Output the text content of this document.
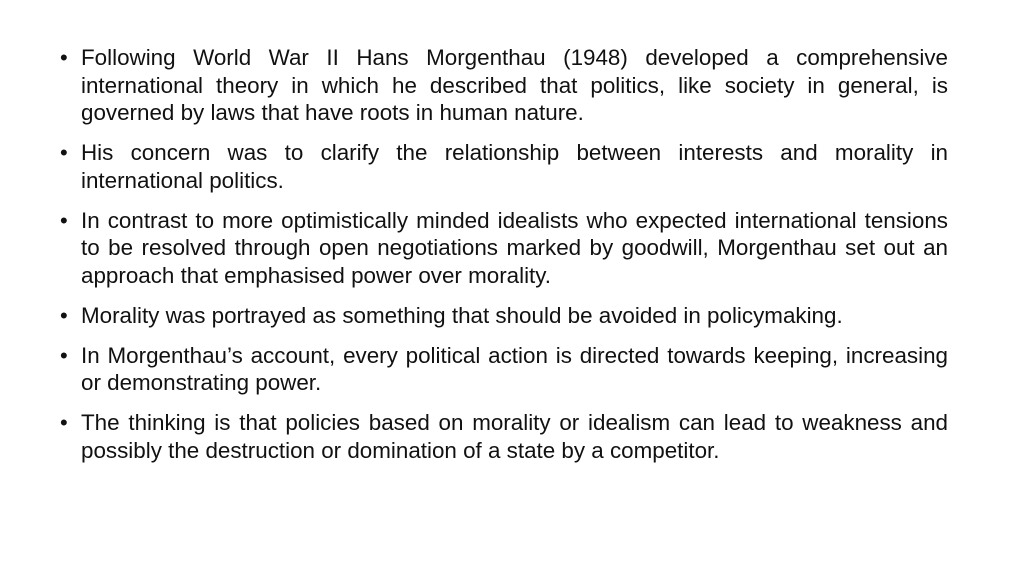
• Following World War II Hans Morgenthau (1948) developed a comprehensive international theory in which he described that politics, like society in general, is governed by laws that have roots in human nature.
• His concern was to clarify the relationship between interests and morality in international politics.
• In contrast to more optimistically minded idealists who expected international tensions to be resolved through open negotiations marked by goodwill, Morgenthau set out an approach that emphasised power over morality.
• Morality was portrayed as something that should be avoided in policymaking.
• In Morgenthau’s account, every political action is directed towards keeping, increasing or demonstrating power.
• The thinking is that policies based on morality or idealism can lead to weakness and possibly the destruction or domination of a state by a competitor.
